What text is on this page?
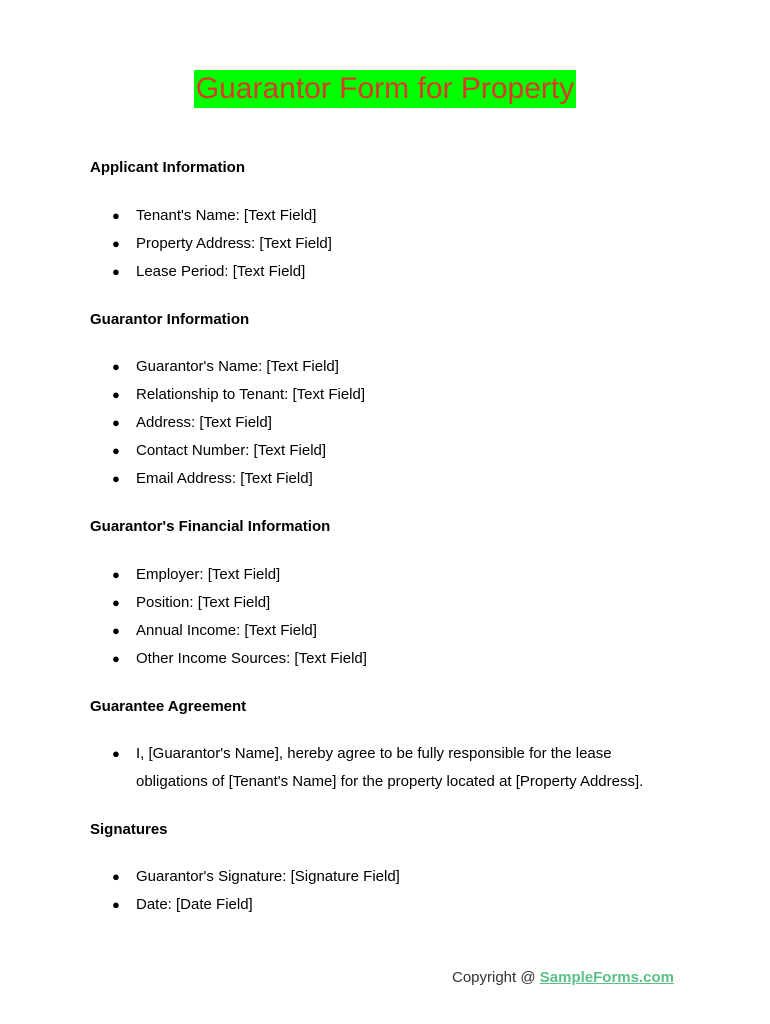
Guarantor Form for Property
Applicant Information
● Tenant's Name: [Text Field]
● Property Address: [Text Field]
● Lease Period: [Text Field]
Guarantor Information
● Guarantor's Name: [Text Field]
● Relationship to Tenant: [Text Field]
● Address: [Text Field]
● Contact Number: [Text Field]
● Email Address: [Text Field]
Guarantor's Financial Information
● Employer: [Text Field]
● Position: [Text Field]
● Annual Income: [Text Field]
● Other Income Sources: [Text Field]
Guarantee Agreement
● I, [Guarantor's Name], hereby agree to be fully responsible for the lease obligations of [Tenant's Name] for the property located at [Property Address].
Signatures
● Guarantor's Signature: [Signature Field]
● Date: [Date Field]
Copyright @ SampleForms.com
